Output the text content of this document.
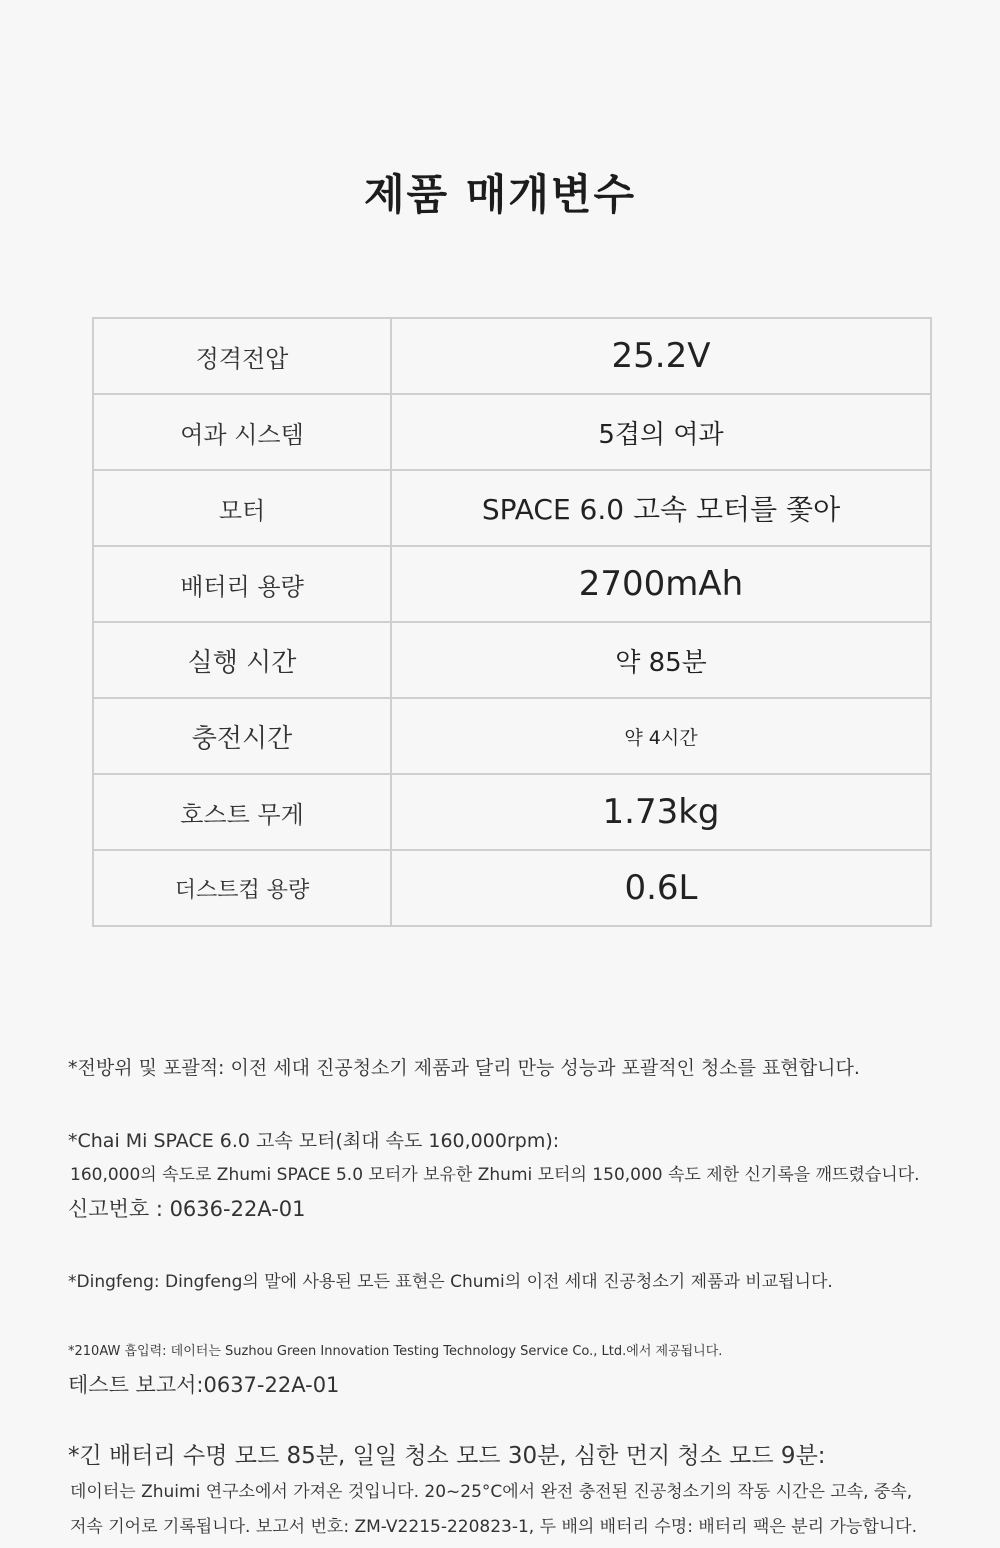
제품 매개변수
정격전압	25.2V
여과 시스템	5겹의 여과
모터	SPACE 6.0 고속 모터를 쫓아
배터리 용량	2700mAh
실행 시간	약 85분
충전시간	약 4시간
호스트 무게	1.73kg
더스트컵 용량	0.6L
*전방위 및 포괄적: 이전 세대 진공청소기 제품과 달리 만능 성능과 포괄적인 청소를 표현합니다.
*Chai Mi SPACE 6.0 고속 모터(최대 속도 160,000rpm):
160,000의 속도로 Zhumi SPACE 5.0 모터가 보유한 Zhumi 모터의 150,000 속도 제한 신기록을 깨뜨렸습니다.
신고번호 : 0636-22A-01
*Dingfeng: Dingfeng의 말에 사용된 모든 표현은 Chumi의 이전 세대 진공청소기 제품과 비교됩니다.
*210AW 흡입력: 데이터는 Suzhou Green Innovation Testing Technology Service Co., Ltd.에서 제공됩니다.
테스트 보고서:0637-22A-01
*긴 배터리 수명 모드 85분, 일일 청소 모드 30분, 심한 먼지 청소 모드 9분:
데이터는 Zhuimi 연구소에서 가져온 것입니다. 20~25°C에서 완전 충전된 진공청소기의 작동 시간은 고속, 중속,
저속 기어로 기록됩니다. 보고서 번호: ZM-V2215-220823-1, 두 배의 배터리 수명: 배터리 팩은 분리 가능합니다.
